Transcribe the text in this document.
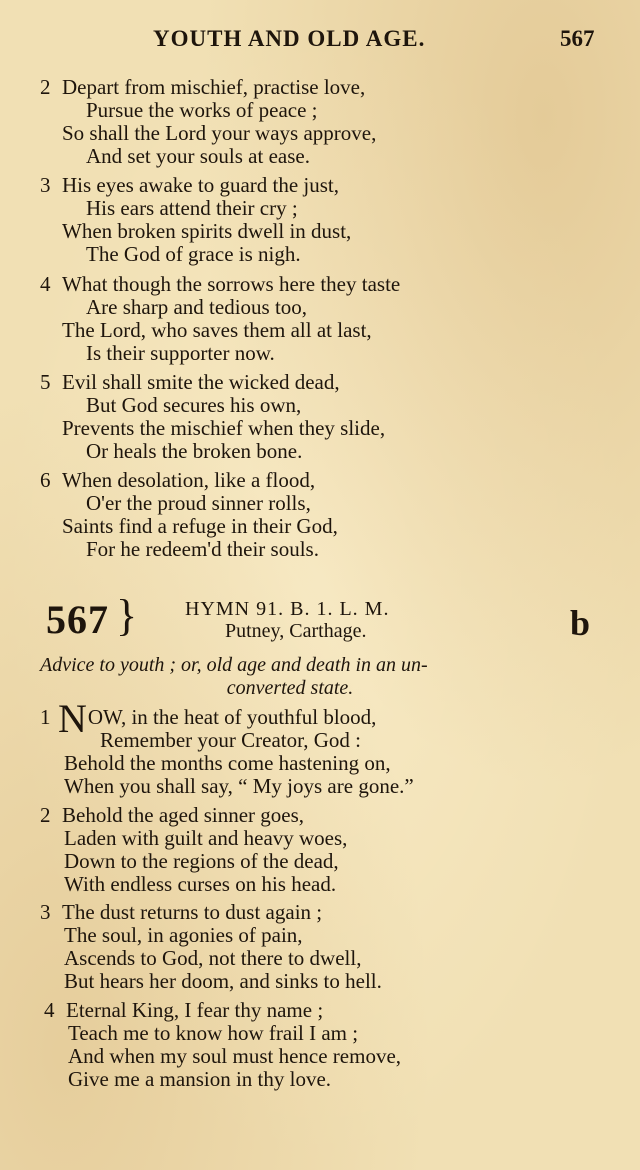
YOUTH AND OLD AGE.	567
2 Depart from mischief, practise love,
Pursue the works of peace ;
So shall the Lord your ways approve,
And set your souls at ease.
3 His eyes awake to guard the just,
His ears attend their cry ;
When broken spirits dwell in dust,
The God of grace is nigh.
4 What though the sorrows here they taste
Are sharp and tedious too,
The Lord, who saves them all at last,
Is their supporter now.
5 Evil shall smite the wicked dead,
But God secures his own,
Prevents the mischief when they slide,
Or heals the broken bone.
6 When desolation, like a flood,
O'er the proud sinner rolls,
Saints find a refuge in their God,
For he redeem'd their souls.
567 } HYMN 91. B. 1. L. M.
Putney, Carthage.	b
Advice to youth ; or, old age and death in an un-
converted state.
1 NOW, in the heat of youthful blood,
Remember your Creator, God :
Behold the months come hastening on,
When you shall say, “ My joys are gone.”
2 Behold the aged sinner goes,
Laden with guilt and heavy woes,
Down to the regions of the dead,
With endless curses on his head.
3 The dust returns to dust again ;
The soul, in agonies of pain,
Ascends to God, not there to dwell,
But hears her doom, and sinks to hell.
4 Eternal King, I fear thy name ;
Teach me to know how frail I am ;
And when my soul must hence remove,
Give me a mansion in thy love.
